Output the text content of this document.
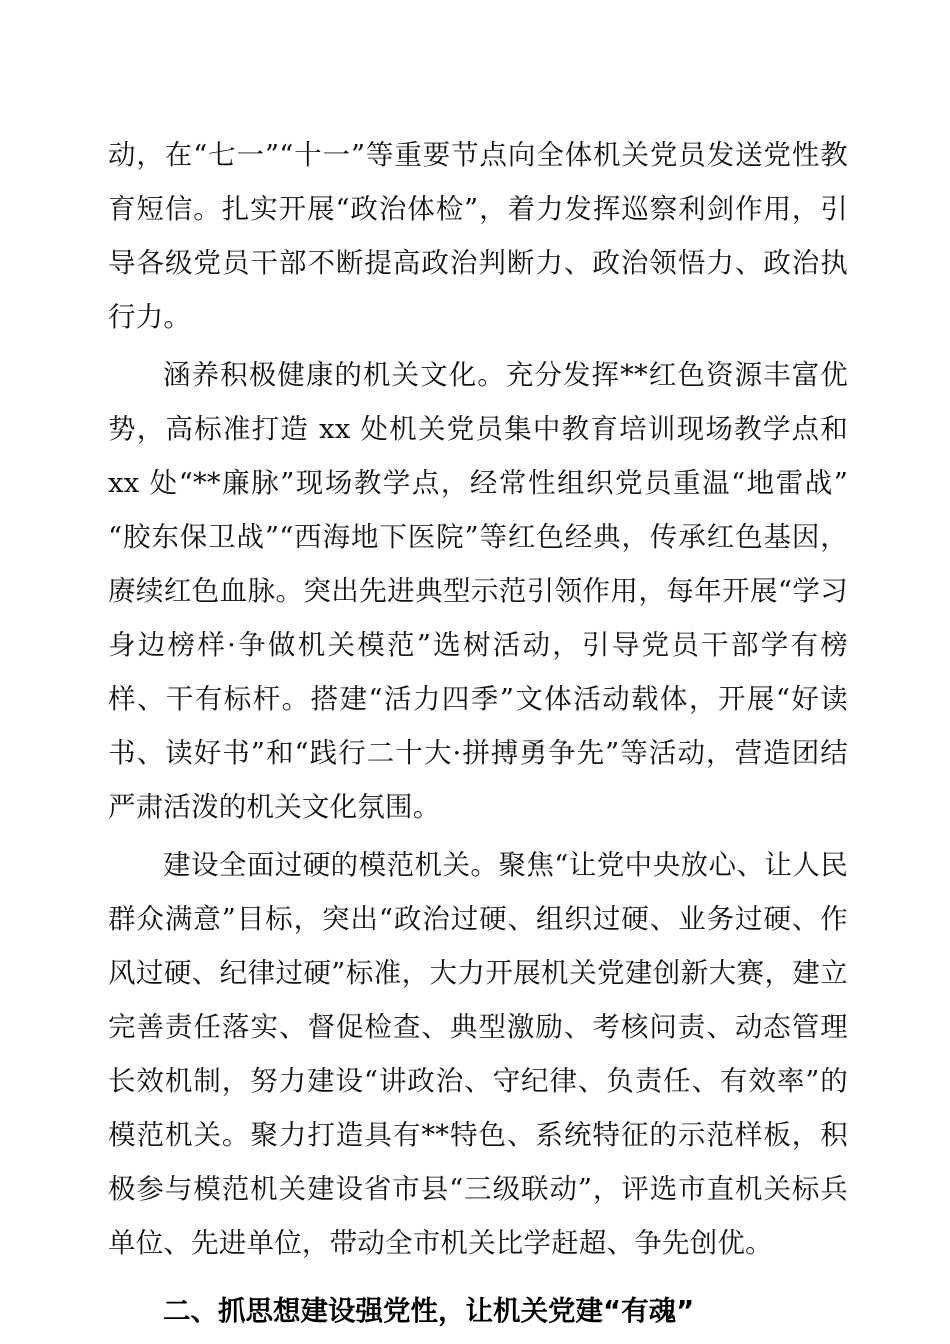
动，在“七一”“十一”等重要节点向全体机关党员发送党性教育短信。扎实开展“政治体检”，着力发挥巡察利剑作用，引导各级党员干部不断提高政治判断力、政治领悟力、政治执行力。

涵养积极健康的机关文化。充分发挥**红色资源丰富优势，高标准打造 xx 处机关党员集中教育培训现场教学点和 xx 处“**廉脉”现场教学点，经常性组织党员重温“地雷战”“胶东保卫战”“西海地下医院”等红色经典，传承红色基因，赓续红色血脉。突出先进典型示范引领作用，每年开展“学习身边榜样·争做机关模范”选树活动，引导党员干部学有榜样、干有标杆。搭建“活力四季”文体活动载体，开展“好读书、读好书”和“践行二十大·拼搏勇争先”等活动，营造团结严肃活泼的机关文化氛围。

建设全面过硬的模范机关。聚焦“让党中央放心、让人民群众满意”目标，突出“政治过硬、组织过硬、业务过硬、作风过硬、纪律过硬”标准，大力开展机关党建创新大赛，建立完善责任落实、督促检查、典型激励、考核问责、动态管理长效机制，努力建设“讲政治、守纪律、负责任、有效率”的模范机关。聚力打造具有**特色、系统特征的示范样板，积极参与模范机关建设省市县“三级联动”，评选市直机关标兵单位、先进单位，带动全市机关比学赶超、争先创优。

二、抓思想建设强党性，让机关党建“有魂”
